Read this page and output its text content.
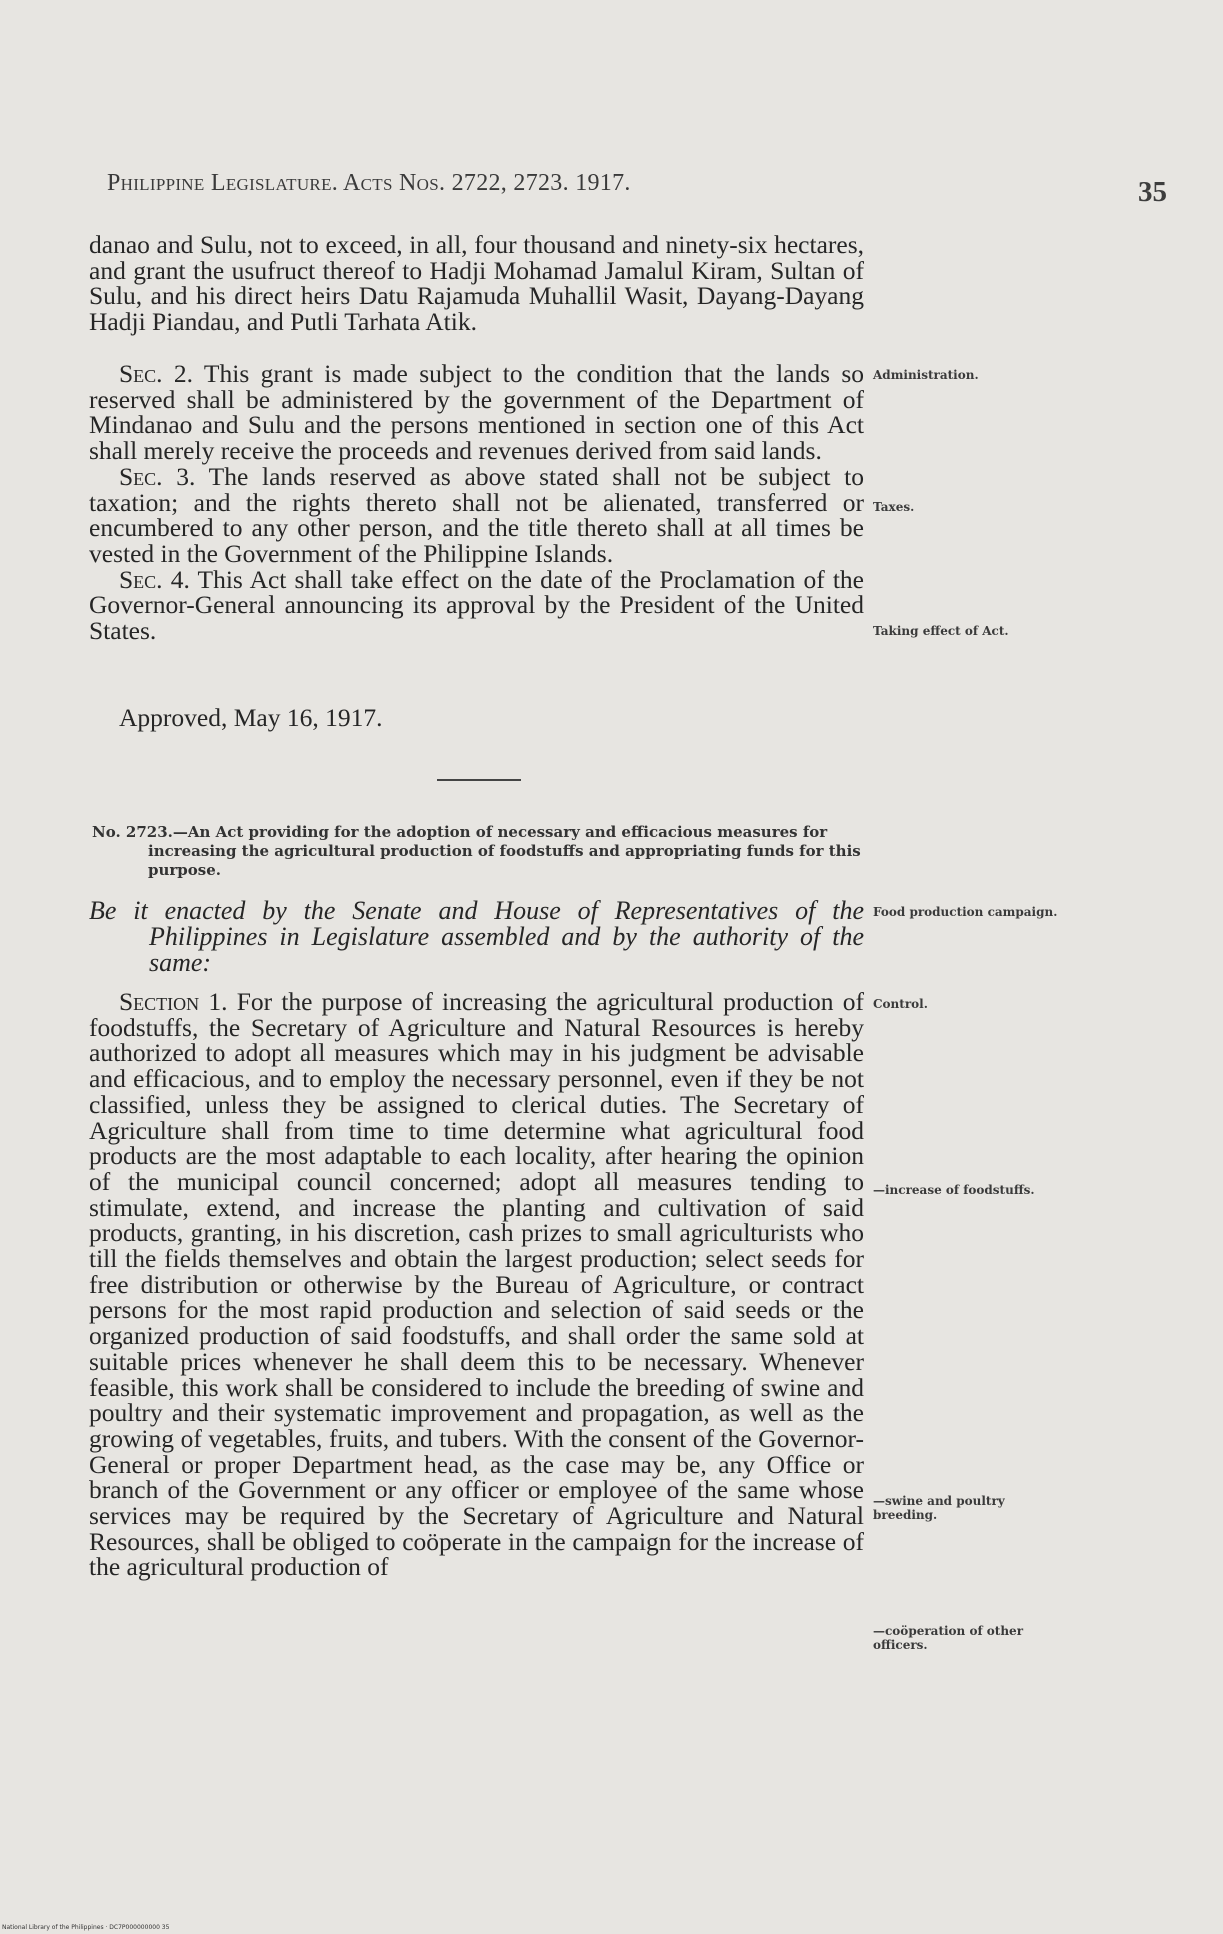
Philippine Legislature. Acts Nos. 2722, 2723. 1917.	35

danao and Sulu, not to exceed, in all, four thousand and ninety-six hectares, and grant the usufruct thereof to Hadji Mohamad Jamalul Kiram, Sultan of Sulu, and his direct heirs Datu Rajamuda Muhallil Wasit, Dayang-Dayang Hadji Piandau, and Putli Tarhata Atik.

Sec. 2. This grant is made subject to the condition that the lands so reserved shall be administered by the government of the Department of Mindanao and Sulu and the persons mentioned in section one of this Act shall merely receive the proceeds and revenues derived from said lands.

Sec. 3. The lands reserved as above stated shall not be subject to taxation; and the rights thereto shall not be alienated, transferred or encumbered to any other person, and the title thereto shall at all times be vested in the Government of the Philippine Islands.

Sec. 4. This Act shall take effect on the date of the Proclamation of the Governor-General announcing its approval by the President of the United States.

Approved, May 16, 1917.
No. 2723.—An Act providing for the adoption of necessary and efficacious measures for increasing the agricultural production of foodstuffs and appropriating funds for this purpose.
Be it enacted by the Senate and House of Representatives of the Philippines in Legislature assembled and by the authority of the same:

Section 1. For the purpose of increasing the agricultural production of foodstuffs, the Secretary of Agriculture and Natural Resources is hereby authorized to adopt all measures which may in his judgment be advisable and efficacious, and to employ the necessary personnel, even if they be not classified, unless they be assigned to clerical duties. The Secretary of Agriculture shall from time to time determine what agricultural food products are the most adaptable to each locality, after hearing the opinion of the municipal council concerned; adopt all measures tending to stimulate, extend, and increase the planting and cultivation of said products, granting, in his discretion, cash prizes to small agriculturists who till the fields themselves and obtain the largest production; select seeds for free distribution or otherwise by the Bureau of Agriculture, or contract persons for the most rapid production and selection of said seeds or the organized production of said foodstuffs, and shall order the same sold at suitable prices whenever he shall deem this to be necessary. Whenever feasible, this work shall be considered to include the breeding of swine and poultry and their systematic improvement and propagation, as well as the growing of vegetables, fruits, and tubers. With the consent of the Governor-General or proper Department head, as the case may be, any Office or branch of the Government or any officer or employee of the same whose services may be required by the Secretary of Agriculture and Natural Resources, shall be obliged to coöperate in the campaign for the increase of the agricultural production of

Administration.
Taxes.
Taking effect of Act.
Food production campaign.
Control.
—increase of foodstuffs.
—swine and poultry breeding.
—coöperation of other officers.
National Library of the Philippines · DC7P000000000 35
